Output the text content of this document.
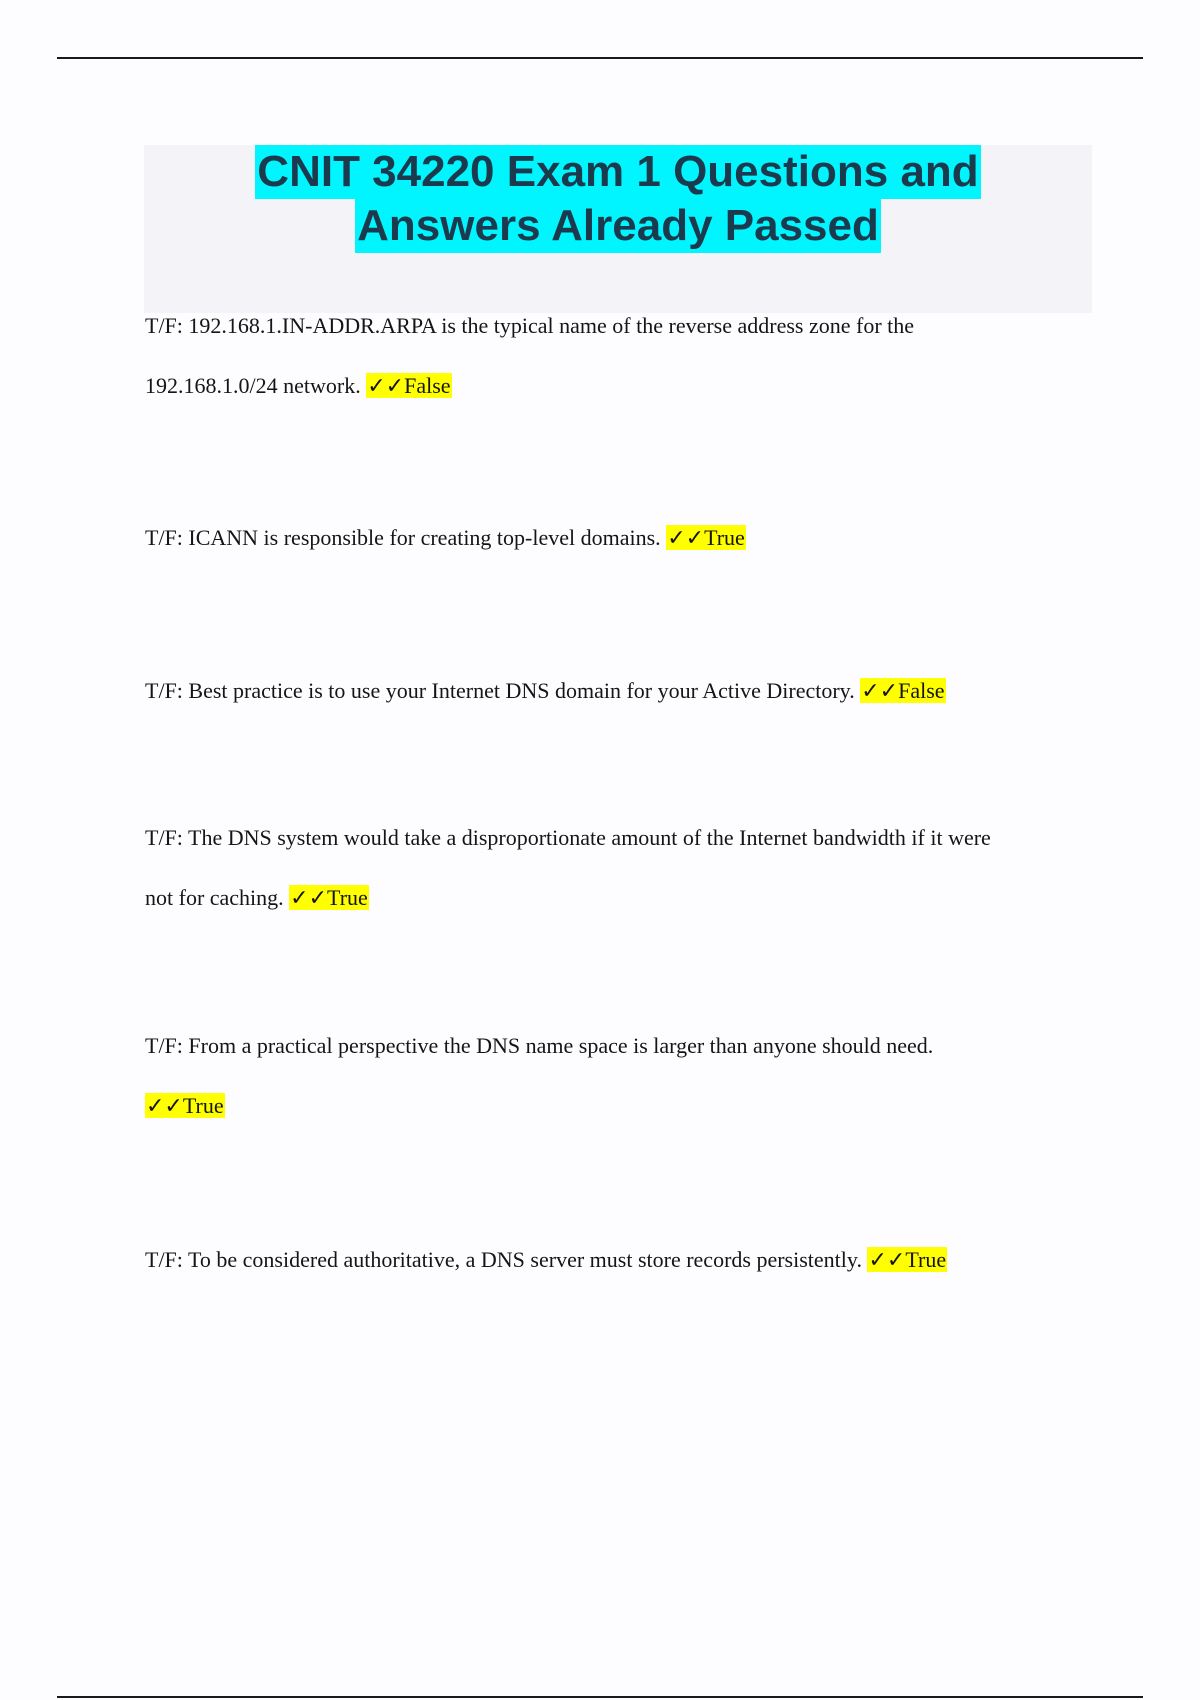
CNIT 34220 Exam 1 Questions and
Answers Already Passed
T/F: 192.168.1.IN-ADDR.ARPA is the typical name of the reverse address zone for the
192.168.1.0/24 network. ✓✓False
T/F: ICANN is responsible for creating top-level domains. ✓✓True
T/F: Best practice is to use your Internet DNS domain for your Active Directory. ✓✓False
T/F: The DNS system would take a disproportionate amount of the Internet bandwidth if it were
not for caching. ✓✓True
T/F: From a practical perspective the DNS name space is larger than anyone should need.
✓✓True
T/F: To be considered authoritative, a DNS server must store records persistently. ✓✓True
